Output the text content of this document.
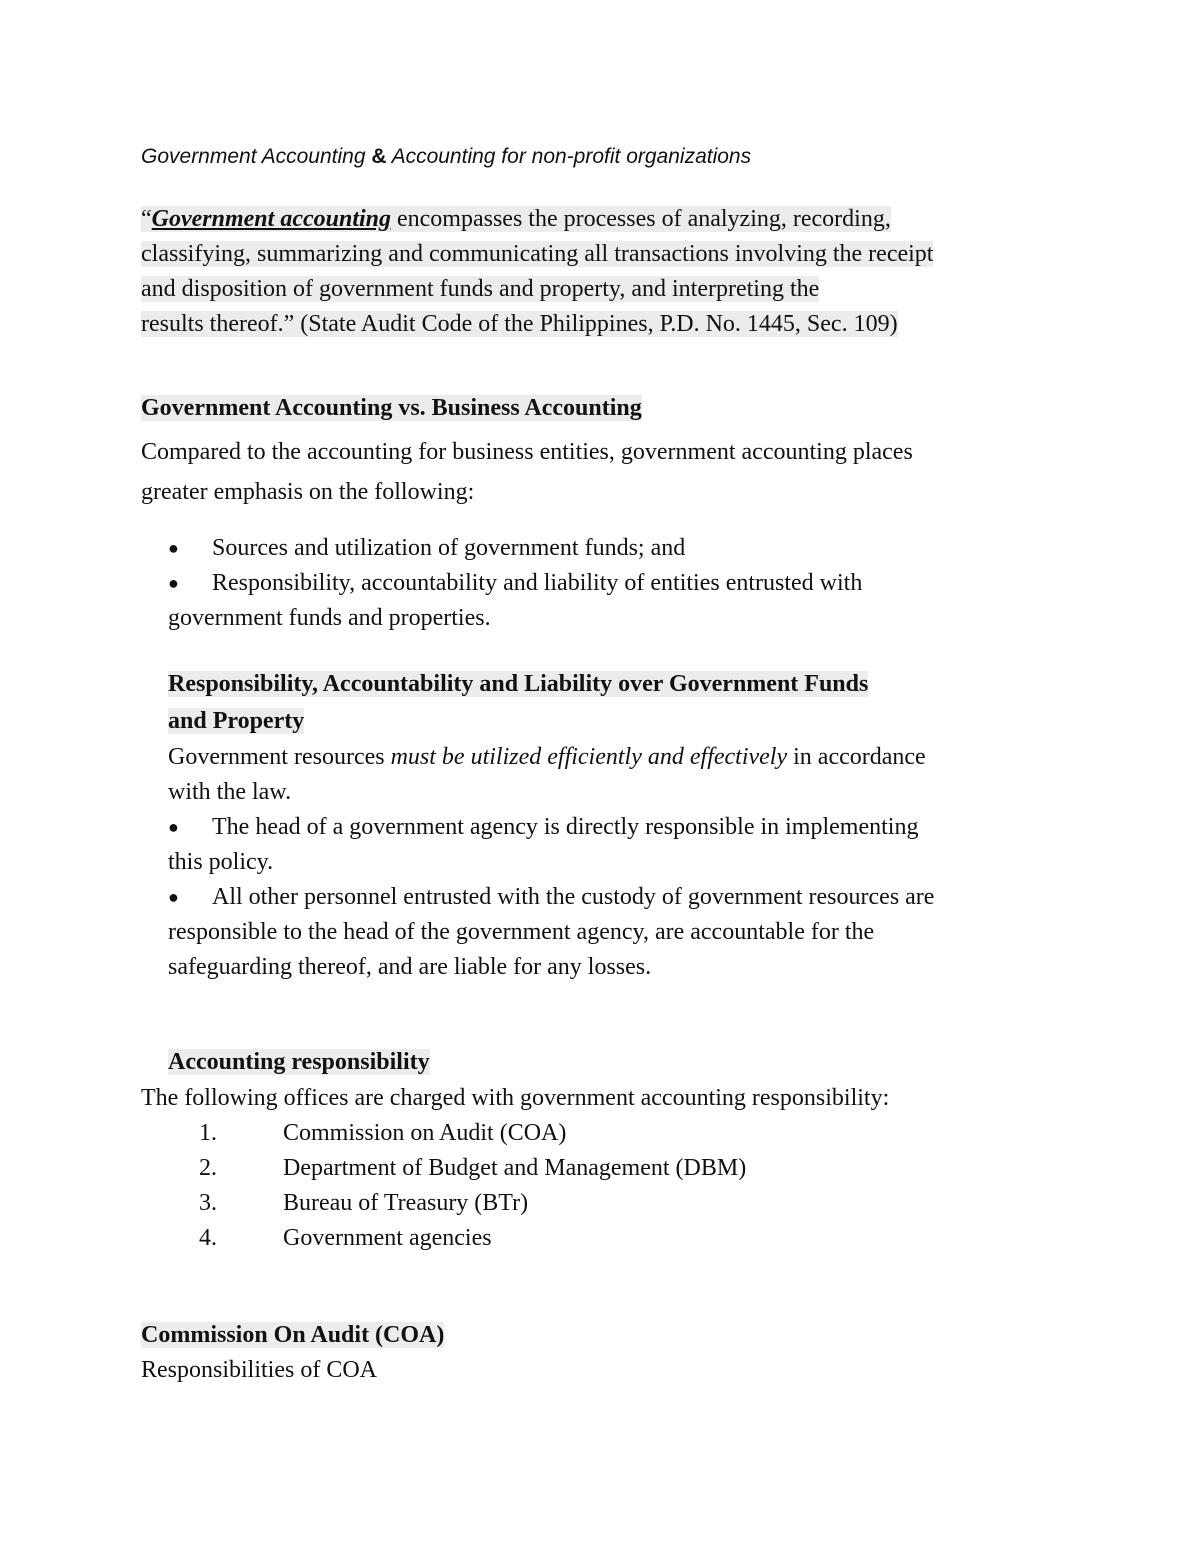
Government Accounting & Accounting for non-profit organizations
“Government accounting encompasses the processes of analyzing, recording,
classifying, summarizing and communicating all transactions involving the receipt
and disposition of government funds and property, and interpreting the
results thereof.” (State Audit Code of the Philippines, P.D. No. 1445, Sec. 109)
Government Accounting vs. Business Accounting
Compared to the accounting for business entities, government accounting places
greater emphasis on the following:
●	Sources and utilization of government funds; and
●	Responsibility, accountability and liability of entities entrusted with
government funds and properties.
Responsibility, Accountability and Liability over Government Funds
and Property
Government resources must be utilized efficiently and effectively in accordance
with the law.
●	The head of a government agency is directly responsible in implementing
this policy.
●	All other personnel entrusted with the custody of government resources are
responsible to the head of the government agency, are accountable for the
safeguarding thereof, and are liable for any losses.
Accounting responsibility
The following offices are charged with government accounting responsibility:
1.	Commission on Audit (COA)
2.	Department of Budget and Management (DBM)
3.	Bureau of Treasury (BTr)
4.	Government agencies
Commission On Audit (COA)
Responsibilities of COA
